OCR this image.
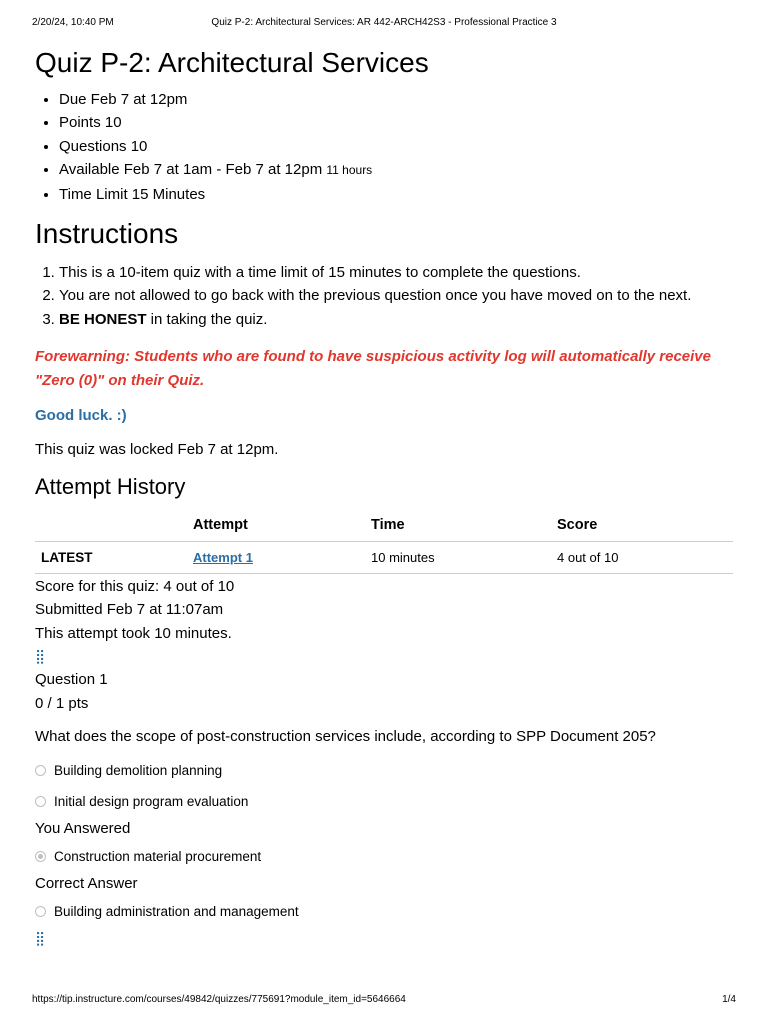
2/20/24, 10:40 PM	Quiz P-2: Architectural Services: AR 442-ARCH42S3 - Professional Practice 3
Quiz P-2: Architectural Services
• Due Feb 7 at 12pm
• Points 10
• Questions 10
• Available Feb 7 at 1am - Feb 7 at 12pm 11 hours
• Time Limit 15 Minutes
Instructions
1. This is a 10-item quiz with a time limit of 15 minutes to complete the questions.
2. You are not allowed to go back with the previous question once you have moved on to the next.
3. BE HONEST in taking the quiz.

Forewarning: Students who are found to have suspicious activity log will automatically receive "Zero (0)" on their Quiz.

Good luck. :)

This quiz was locked Feb 7 at 12pm.

Attempt History
	Attempt	Time	Score
LATEST	Attempt 1	10 minutes	4 out of 10
Score for this quiz: 4 out of 10
Submitted Feb 7 at 11:07am
This attempt took 10 minutes.
⣿
Question 1
0 / 1 pts
What does the scope of post-construction services include, according to SPP Document 205?
Building demolition planning
Initial design program evaluation
You Answered
Construction material procurement
Correct Answer
Building administration and management
⣿
https://tip.instructure.com/courses/49842/quizzes/775691?module_item_id=5646664	1/4
